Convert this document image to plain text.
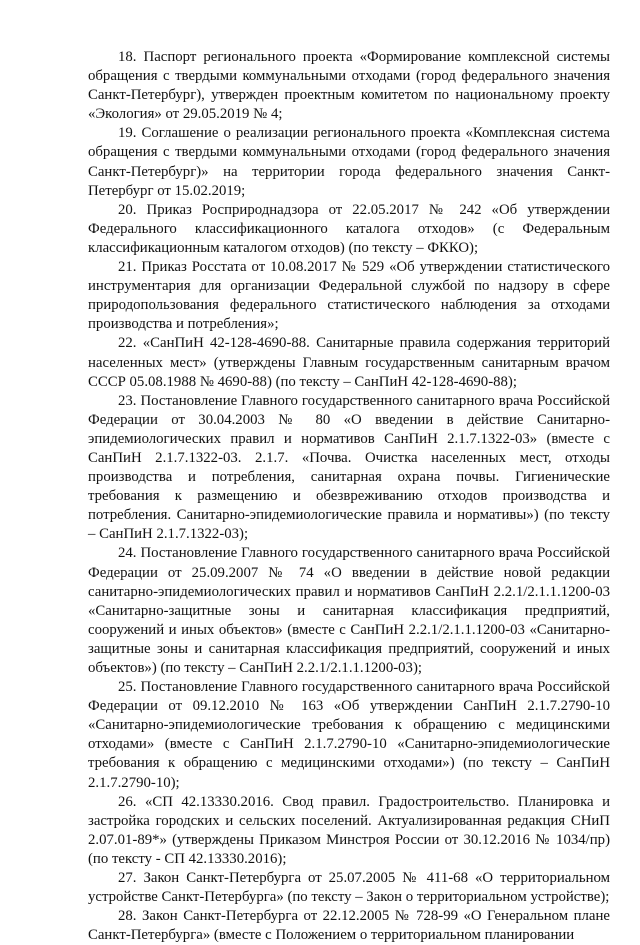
18. Паспорт регионального проекта «Формирование комплексной системы обращения с твердыми коммунальными отходами (город федерального значения Санкт-Петербург), утвержден проектным комитетом по национальному проекту «Экология» от 29.05.2019 № 4;

19. Соглашение о реализации регионального проекта «Комплексная система обращения с твердыми коммунальными отходами (город федерального значения Санкт-Петербург)» на территории города федерального значения Санкт-Петербург от 15.02.2019;

20. Приказ Росприроднадзора от 22.05.2017 № 242 «Об утверждении Федерального классификационного каталога отходов» (с Федеральным классификационным каталогом отходов) (по тексту – ФККО);

21. Приказ Росстата от 10.08.2017 № 529 «Об утверждении статистического инструментария для организации Федеральной службой по надзору в сфере природопользования федерального статистического наблюдения за отходами производства и потребления»;

22. «СанПиН 42-128-4690-88. Санитарные правила содержания территорий населенных мест» (утверждены Главным государственным санитарным врачом СССР 05.08.1988 № 4690-88) (по тексту – СанПиН 42-128-4690-88);

23. Постановление Главного государственного санитарного врача Российской Федерации от 30.04.2003 № 80 «О введении в действие Санитарно-эпидемиологических правил и нормативов СанПиН 2.1.7.1322-03» (вместе с СанПиН 2.1.7.1322-03. 2.1.7. «Почва. Очистка населенных мест, отходы производства и потребления, санитарная охрана почвы. Гигиенические требования к размещению и обезвреживанию отходов производства и потребления. Санитарно-эпидемиологические правила и нормативы») (по тексту – СанПиН 2.1.7.1322-03);

24. Постановление Главного государственного санитарного врача Российской Федерации от 25.09.2007 № 74 «О введении в действие новой редакции санитарно-эпидемиологических правил и нормативов СанПиН 2.2.1/2.1.1.1200-03 «Санитарно-защитные зоны и санитарная классификация предприятий, сооружений и иных объектов» (вместе с СанПиН 2.2.1/2.1.1.1200-03 «Санитарно-защитные зоны и санитарная классификация предприятий, сооружений и иных объектов») (по тексту – СанПиН 2.2.1/2.1.1.1200-03);

25. Постановление Главного государственного санитарного врача Российской Федерации от 09.12.2010 № 163 «Об утверждении СанПиН 2.1.7.2790-10 «Санитарно-эпидемиологические требования к обращению с медицинскими отходами» (вместе с СанПиН 2.1.7.2790-10 «Санитарно-эпидемиологические требования к обращению с медицинскими отходами») (по тексту – СанПиН 2.1.7.2790-10);

26. «СП 42.13330.2016. Свод правил. Градостроительство. Планировка и застройка городских и сельских поселений. Актуализированная редакция СНиП 2.07.01-89*» (утверждены Приказом Минстроя России от 30.12.2016 № 1034/пр) (по тексту - СП 42.13330.2016);

27. Закон Санкт-Петербурга от 25.07.2005 № 411-68 «О территориальном устройстве Санкт-Петербурга» (по тексту – Закон о территориальном устройстве);

28. Закон Санкт-Петербурга от 22.12.2005 № 728-99 «О Генеральном плане Санкт-Петербурга» (вместе с Положением о территориальном планировании
